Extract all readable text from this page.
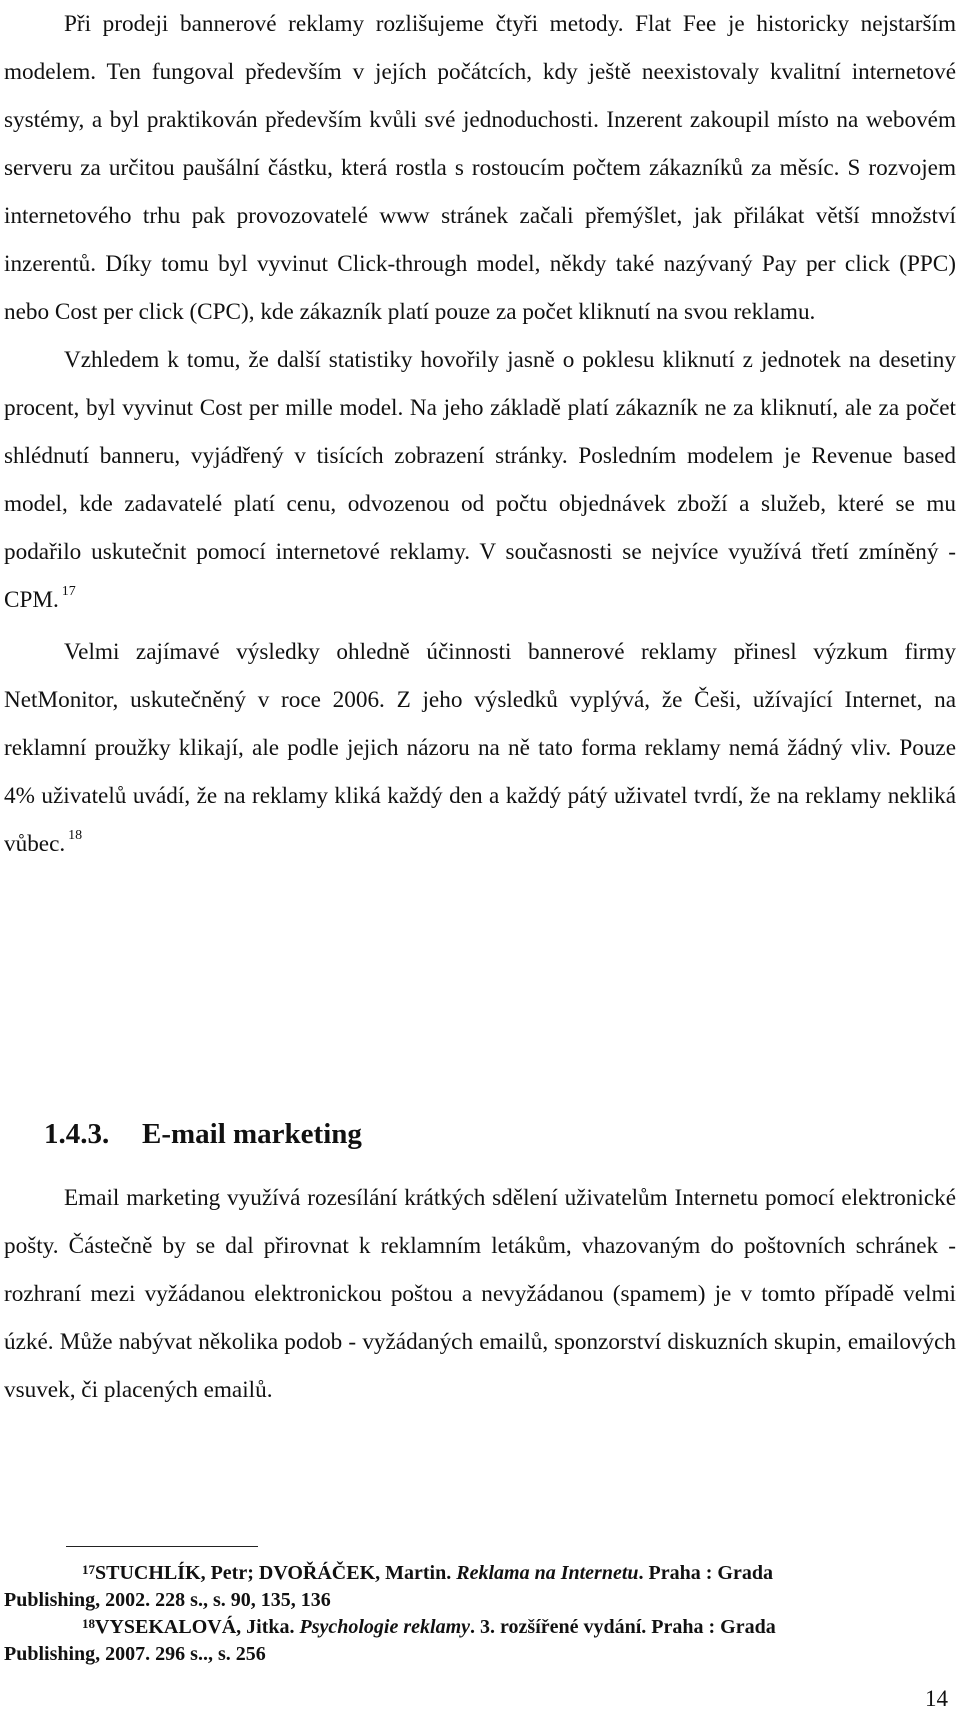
Při prodeji bannerové reklamy rozlišujeme čtyři metody. Flat Fee je historicky nejstarším modelem. Ten fungoval především v jejích počátcích, kdy ještě neexistovaly kvalitní internetové systémy, a byl praktikován především kvůli své jednoduchosti. Inzerent zakoupil místo na webovém serveru za určitou paušální částku, která rostla s rostoucím počtem zákazníků za měsíc. S rozvojem internetového trhu pak provozovatelé www stránek začali přemýšlet, jak přilákat větší množství inzerentů. Díky tomu byl vyvinut Click-through model, někdy také nazývaný Pay per click (PPC) nebo Cost per click (CPC), kde zákazník platí pouze za počet kliknutí na svou reklamu.

Vzhledem k tomu, že další statistiky hovořily jasně o poklesu kliknutí z jednotek na desetiny procent, byl vyvinut Cost per mille model. Na jeho základě platí zákazník ne za kliknutí, ale za počet shlédnutí banneru, vyjádřený v tisících zobrazení stránky. Posledním modelem je Revenue based model, kde zadavatelé platí cenu, odvozenou od počtu objednávek zboží a služeb, které se mu podařilo uskutečnit pomocí internetové reklamy. V současnosti se nejvíce využívá třetí zmíněný - CPM. $^{17}$

Velmi zajímavé výsledky ohledně účinnosti bannerové reklamy přinesl výzkum firmy NetMonitor, uskutečněný v roce 2006. Z jeho výsledků vyplývá, že Češi, užívající Internet, na reklamní proužky klikají, ale podle jejich názoru na ně tato forma reklamy nemá žádný vliv. Pouze 4% uživatelů uvádí, že na reklamy kliká každý den a každý pátý uživatel tvrdí, že na reklamy nekliká vůbec. $^{18}$

1.4.3. E-mail marketing

Email marketing využívá rozesílání krátkých sdělení uživatelům Internetu pomocí elektronické pošty. Částečně by se dal přirovnat k reklamním letákům, vhazovaným do poštovních schránek - rozhraní mezi vyžádanou elektronickou poštou a nevyžádanou (spamem) je v tomto případě velmi úzké. Může nabývat několika podob - vyžádaných emailů, sponzorství diskuzních skupin, emailových vsuvek, či placených emailů.

$^{17}$STUCHLÍK, Petr; DVOŘÁČEK, Martin. Reklama na Internetu. Praha : Grada
Publishing, 2002. 228 s., s. 90, 135, 136
$^{18}$VYSEKALOVÁ, Jitka. Psychologie reklamy. 3. rozšířené vydání. Praha : Grada
Publishing, 2007. 296 s.., s. 256
14
